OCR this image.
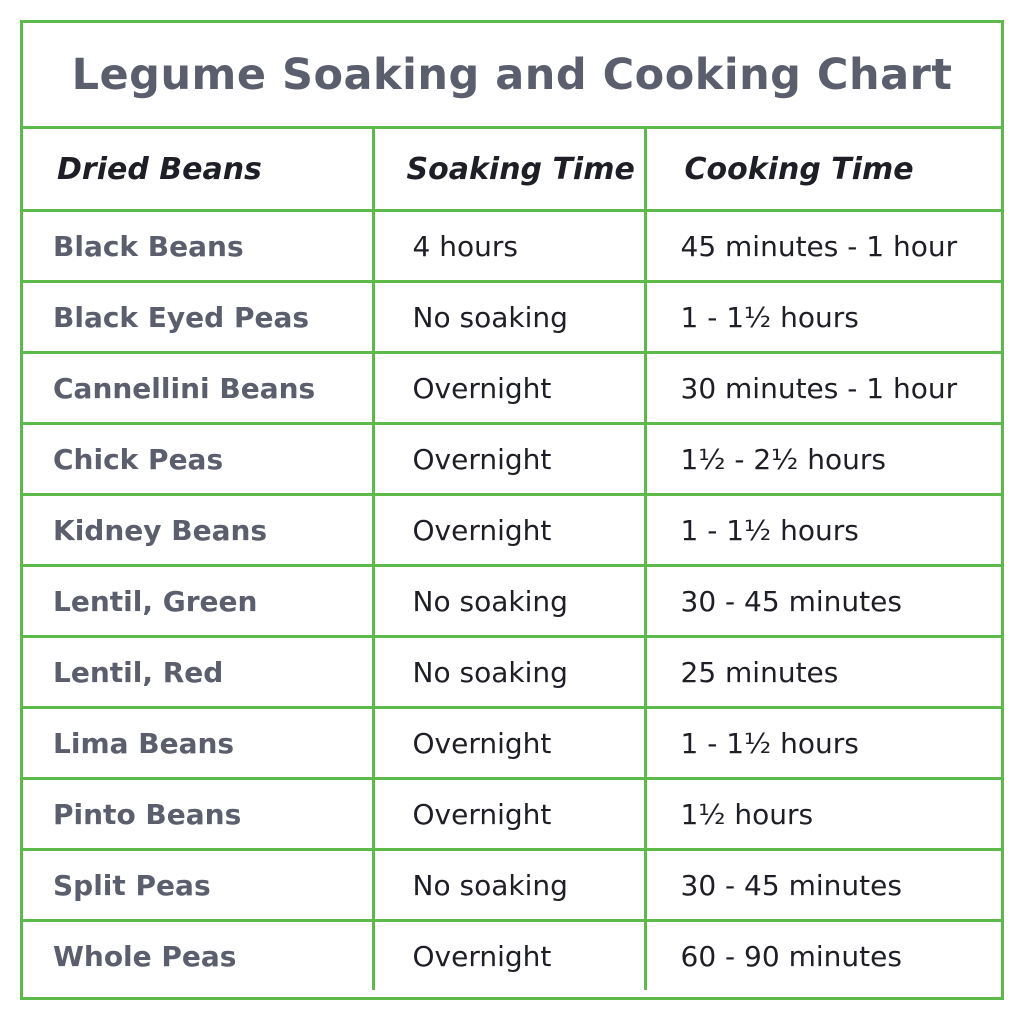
Legume Soaking and Cooking Chart
Dried Beans	Soaking Time	Cooking Time
Black Beans	4 hours	45 minutes - 1 hour
Black Eyed Peas	No soaking	1 - 1½ hours
Cannellini Beans	Overnight	30 minutes - 1 hour
Chick Peas	Overnight	1½ - 2½ hours
Kidney Beans	Overnight	1 - 1½ hours
Lentil, Green	No soaking	30 - 45 minutes
Lentil, Red	No soaking	25 minutes
Lima Beans	Overnight	1 - 1½ hours
Pinto Beans	Overnight	1½ hours
Split Peas	No soaking	30 - 45 minutes
Whole Peas	Overnight	60 - 90 minutes
